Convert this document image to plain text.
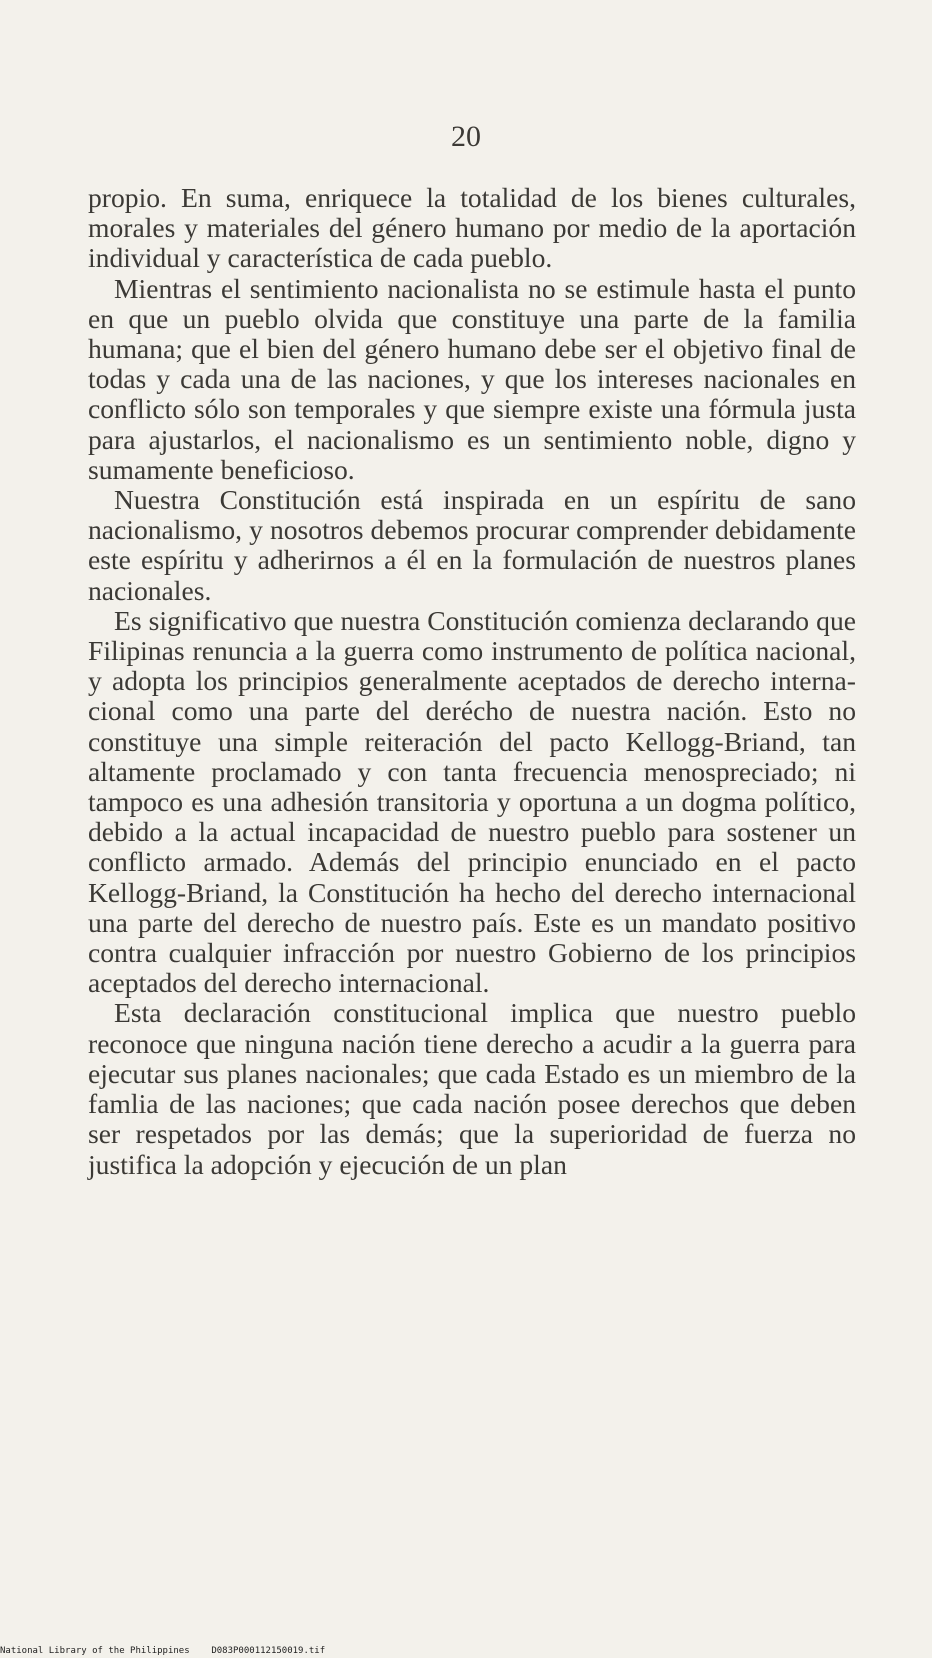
20

propio. En suma, enriquece la totalidad de los bienes culturales, morales y materiales del género humano por medio de la aportación individual y característica de cada pueblo.

Mientras el sentimiento nacionalista no se estimule hasta el punto en que un pueblo olvida que constituye una parte de la familia humana; que el bien del género humano debe ser el objetivo final de todas y cada una de las naciones, y que los intereses nacionales en conflicto sólo son temporales y que siempre existe una fórmula justa para ajustarlos, el nacionalismo es un sentimiento noble, digno y sumamente beneficioso.

Nuestra Constitución está inspirada en un espíritu de sano nacionalismo, y nosotros debemos procurar comprender debidamente este espíritu y adherirnos a él en la formulación de nuestros planes nacionales.

Es significativo que nuestra Constitución comienza declarando que Filipinas renuncia a la guerra como instrumento de política nacional, y adopta los principios generalmente aceptados de derecho internacional como una parte del deréchо de nuestra nación. Esto no constituye una simple reiteración del pacto Kellogg-Briand, tan altamente proclamado y con tanta frecuencia menospreciado; ni tampoco es una adhesión transitoria y oportuna a un dogma político, debido a la actual incapacidad de nuestro pueblo para sostener un conflicto armado. Además del principio enunciado en el pacto Kellogg-Briand, la Constitución ha hecho del derecho internacional una parte del derecho de nuestro país. Este es un mandato positivo contra cualquier infracción por nuestro Gobierno de los principios aceptados del derecho internacional.

Esta declaración constitucional implica que nuestro pueblo reconoce que ninguna nación tiene derecho a acudir a la guerra para ejecutar sus planes nacionales; que cada Estado es un miembro de la famlia de las naciones; que cada nación posee derechos que deben ser respetados por las demás; que la superioridad de fuerza no justifica la adopción y ejecución de un plan

National Library of the Philippines D083P000112150019.tif
